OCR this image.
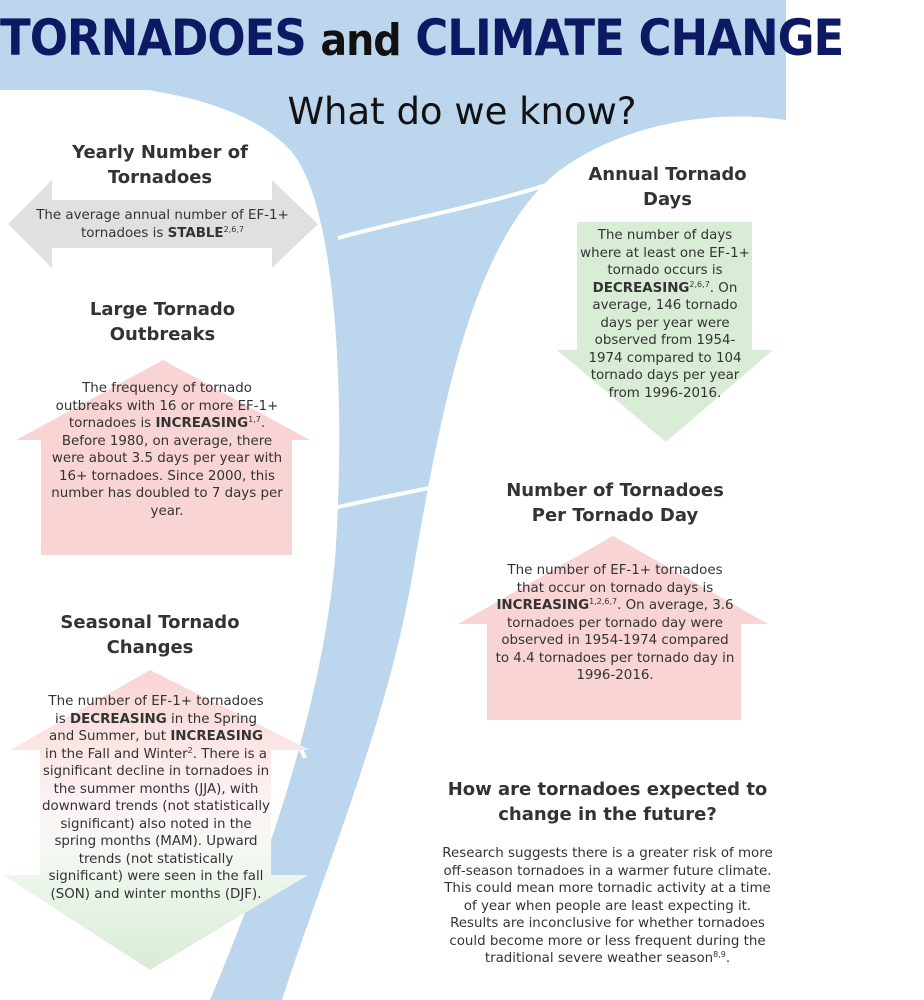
TORNADOES and CLIMATE CHANGE
What do we know?
Yearly Number of Tornadoes
The average annual number of EF-1+ tornadoes is STABLE$^{2,6,7}$
Annual Tornado Days
The number of days where at least one EF-1+ tornado occurs is DECREASING$^{2,6,7}$. On average, 146 tornado days per year were observed from 1954-1974 compared to 104 tornado days per year from 1996-2016.
Large Tornado Outbreaks
The frequency of tornado outbreaks with 16 or more EF-1+ tornadoes is INCREASING$^{1,7}$. Before 1980, on average, there were about 3.5 days per year with 16+ tornadoes. Since 2000, this number has doubled to 7 days per year.
Number of Tornadoes Per Tornado Day
The number of EF-1+ tornadoes that occur on tornado days is INCREASING$^{1,2,6,7}$. On average, 3.6 tornadoes per tornado day were observed in 1954-1974 compared to 4.4 tornadoes per tornado day in 1996-2016.
Seasonal Tornado Changes
The number of EF-1+ tornadoes is DECREASING in the Spring and Summer, but INCREASING in the Fall and Winter$^2$. There is a significant decline in tornadoes in the summer months (JJA), with downward trends (not statistically significant) also noted in the spring months (MAM). Upward trends (not statistically significant) were seen in the fall (SON) and winter months (DJF).
How are tornadoes expected to change in the future?
Research suggests there is a greater risk of more off-season tornadoes in a warmer future climate. This could mean more tornadic activity at a time of year when people are least expecting it. Results are inconclusive for whether tornadoes could become more or less frequent during the traditional severe weather season$^{8,9}$.
